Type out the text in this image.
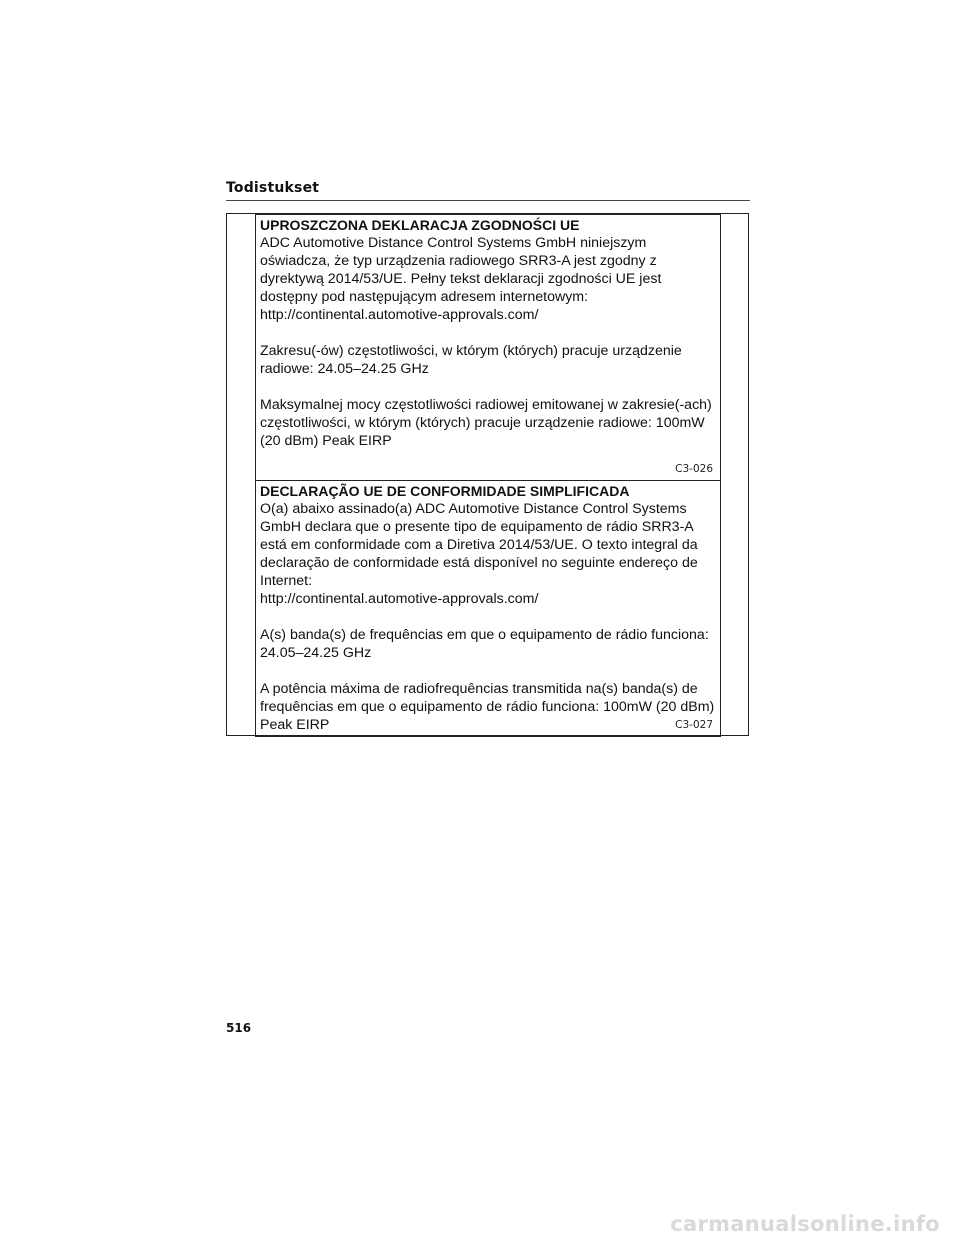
Todistukset

UPROSZCZONA DEKLARACJA ZGODNOŚCI UE

ADC Automotive Distance Control Systems GmbH niniejszym
oświadcza, że typ urządzenia radiowego SRR3-A jest zgodny z
dyrektywą 2014/53/UE. Pełny tekst deklaracji zgodności UE jest
dostępny pod następującym adresem internetowym:
http://continental.automotive-approvals.com/

Zakresu(-ów) częstotliwości, w którym (których) pracuje urządzenie
radiowe: 24.05–24.25 GHz

Maksymalnej mocy częstotliwości radiowej emitowanej w zakresie(-ach)
częstotliwości, w którym (których) pracuje urządzenie radiowe: 100mW
(20 dBm) Peak EIRP

C3-026

DECLARAÇÃO UE DE CONFORMIDADE SIMPLIFICADA

O(a) abaixo assinado(a) ADC Automotive Distance Control Systems
GmbH declara que o presente tipo de equipamento de rádio SRR3-A
está em conformidade com a Diretiva 2014/53/UE. O texto integral da
declaração de conformidade está disponível no seguinte endereço de
Internet:
http://continental.automotive-approvals.com/

A(s) banda(s) de frequências em que o equipamento de rádio funciona:
24.05–24.25 GHz

A potência máxima de radiofrequências transmitida na(s) banda(s) de
frequências em que o equipamento de rádio funciona: 100mW (20 dBm)
Peak EIRP	C3-027
516
carmanualsonline.info
